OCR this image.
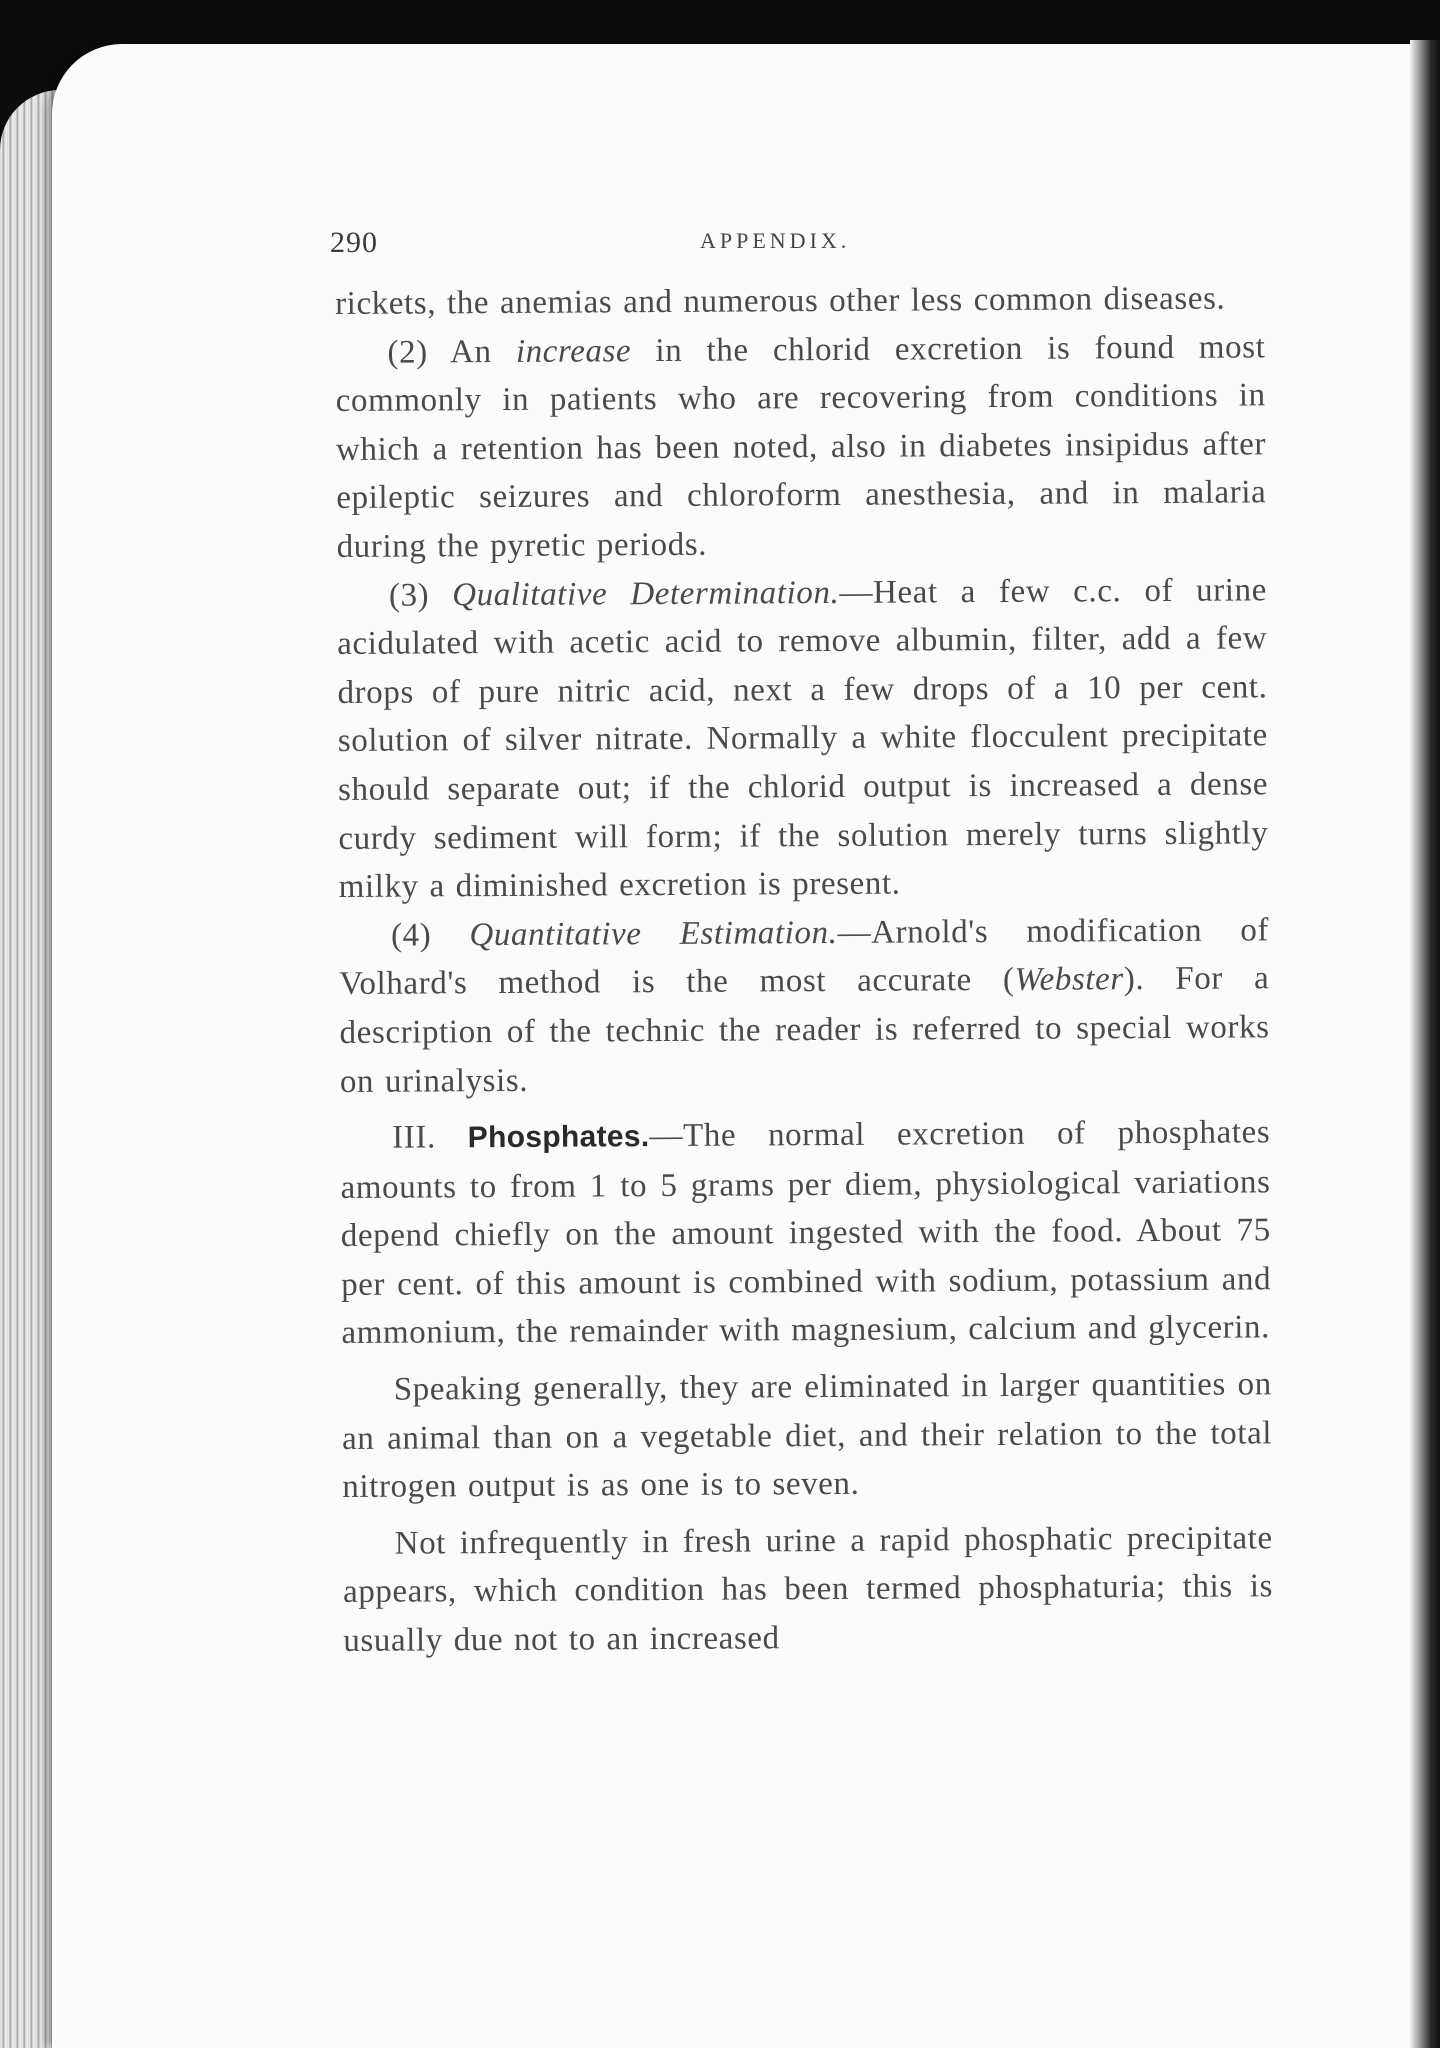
290	APPENDIX.

rickets, the anemias and numerous other less common diseases.

(2) An increase in the chlorid excretion is found most commonly in patients who are recovering from conditions in which a retention has been noted, also in diabetes insipidus after epileptic seizures and chloroform anesthesia, and in malaria during the pyretic periods.

(3) Qualitative Determination.—Heat a few c.c. of urine acidulated with acetic acid to remove albumin, filter, add a few drops of pure nitric acid, next a few drops of a 10 per cent. solution of silver nitrate. Normally a white flocculent precipitate should separate out; if the chlorid output is increased a dense curdy sediment will form; if the solution merely turns slightly milky a diminished excretion is present.

(4) Quantitative Estimation.—Arnold's modification of Volhard's method is the most accurate (Webster). For a description of the technic the reader is referred to special works on urinalysis.

III. Phosphates.—The normal excretion of phosphates amounts to from 1 to 5 grams per diem, physiological variations depend chiefly on the amount ingested with the food. About 75 per cent. of this amount is combined with sodium, potassium and ammonium, the remainder with magnesium, calcium and glycerin.

Speaking generally, they are eliminated in larger quantities on an animal than on a vegetable diet, and their relation to the total nitrogen output is as one is to seven.

Not infrequently in fresh urine a rapid phosphatic precipitate appears, which condition has been termed phosphaturia; this is usually due not to an increased
